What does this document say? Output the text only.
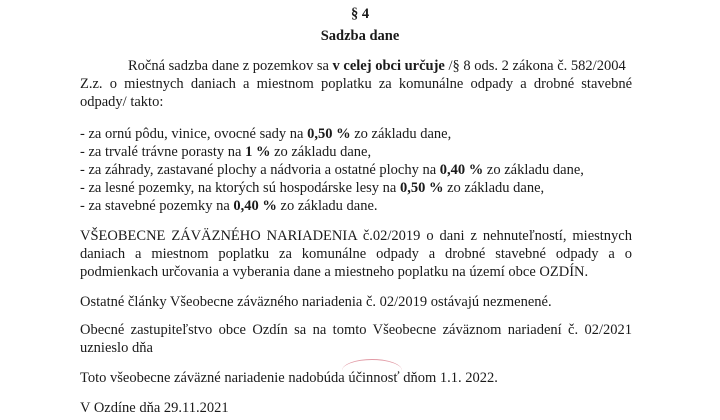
§ 4
Sadzba dane
Ročná sadzba dane z pozemkov sa v celej obci určuje /§ 8 ods. 2 zákona č. 582/2004
Z.z. o miestnych daniach a miestnom poplatku za komunálne odpady a drobné stavebné
odpady/ takto:
- za ornú pôdu, vinice, ovocné sady na 0,50 % zo základu dane,
- za trvalé trávne porasty na 1 % zo základu dane,
- za záhrady, zastavané plochy a nádvoria a ostatné plochy na 0,40 % zo základu dane,
- za lesné pozemky, na ktorých sú hospodárske lesy na 0,50 % zo základu dane,
- za stavebné pozemky na 0,40 % zo základu dane.
VŠEOBECNE ZÁVÄZNÉHO NARIADENIA č.02/2019 o dani z nehnuteľností, miestnych
daniach a miestnom poplatku za komunálne odpady a drobné stavebné odpady a o
podmienkach určovania a vyberania dane a miestneho poplatku na území obce OZDÍN.
Ostatné články Všeobecne záväzného nariadenia č. 02/2019 ostávajú nezmenené.
Obecné zastupiteľstvo obce Ozdín sa na tomto Všeobecne záväznom nariadení č. 02/2021
uznieslo dňa
Toto všeobecne záväzné nariadenie nadobúda účinnosť dňom 1.1. 2022.
V Ozdíne dňa 29.11.2021
